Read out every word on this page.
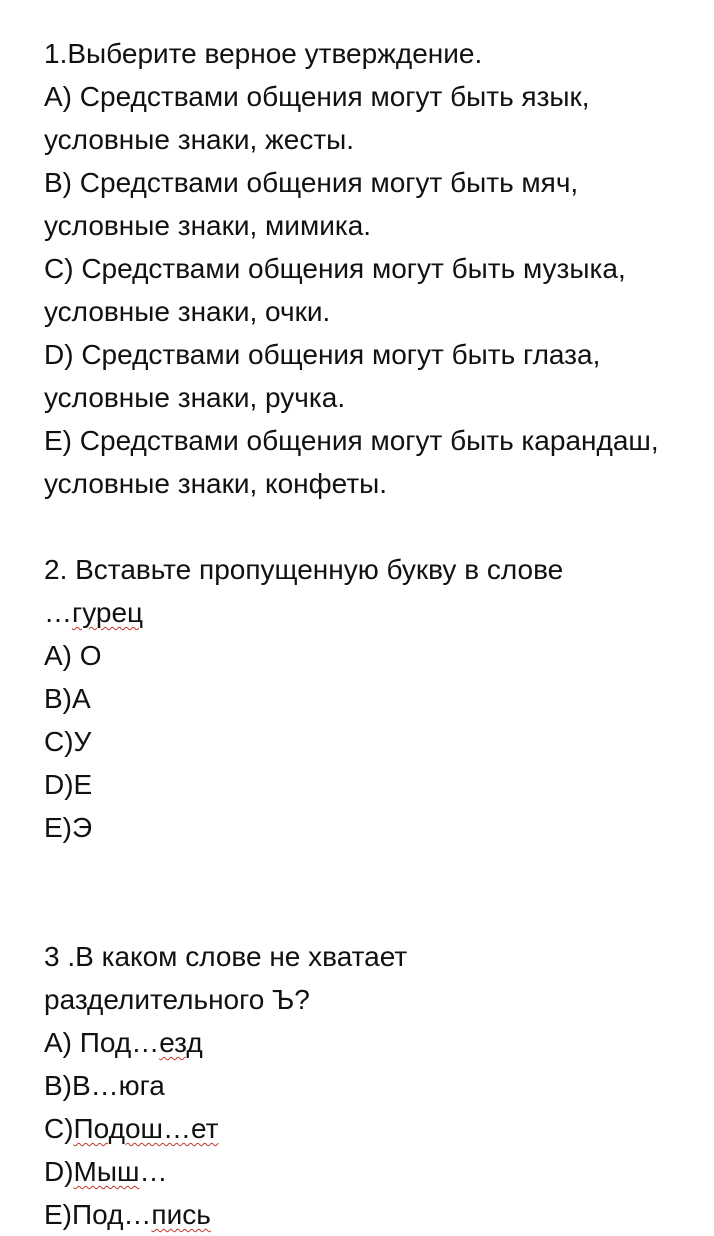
1.Выберите верное утверждение.
A) Средствами общения могут быть язык,
условные знаки, жесты.
B) Средствами общения могут быть мяч,
условные знаки, мимика.
C) Средствами общения могут быть музыка,
условные знаки, очки.
D) Средствами общения могут быть глаза,
условные знаки, ручка.
E) Средствами общения могут быть карандаш,
условные знаки, конфеты.
2. Вставьте пропущенную букву в слове
…гурец
A) О
B)А
C)У
D)Е
E)Э
3 .В каком слове не хватает
разделительного Ъ?
A) Под…езд
B)В…юга
C)Подош…ет
D)Мыш…
E)Под…пись
